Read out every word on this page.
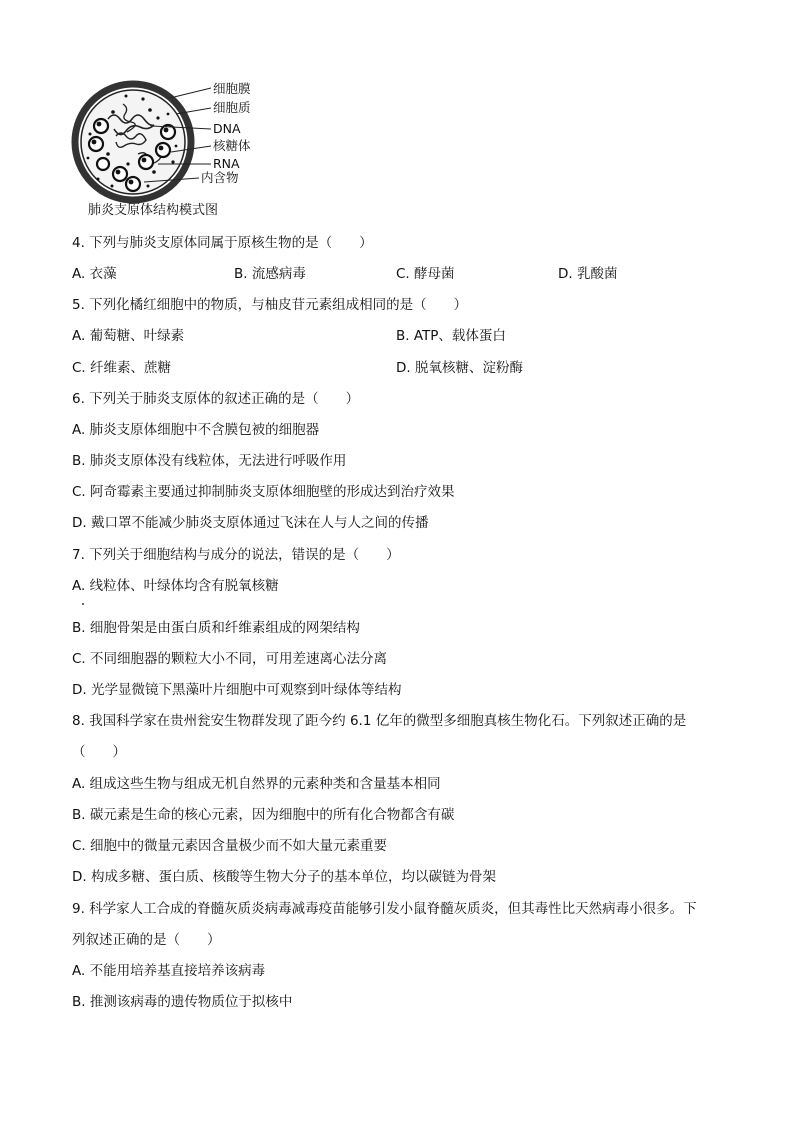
细胞膜
细胞质
DNA
核糖体
RNA
内含物
肺炎支原体结构模式图
4. 下列与肺炎支原体同属于原核生物的是（　　）
A. 衣藻	B. 流感病毒	C. 酵母菌	D. 乳酸菌
5. 下列化橘红细胞中的物质，与柚皮苷元素组成相同的是（　　）
A. 葡萄糖、叶绿素	B. ATP、载体蛋白
C. 纤维素、蔗糖	D. 脱氧核糖、淀粉酶
6. 下列关于肺炎支原体的叙述正确的是（　　）
A. 肺炎支原体细胞中不含膜包被的细胞器
B. 肺炎支原体没有线粒体，无法进行呼吸作用
C. 阿奇霉素主要通过抑制肺炎支原体细胞壁的形成达到治疗效果
D. 戴口罩不能减少肺炎支原体通过飞沫在人与人之间的传播
7. 下列关于细胞结构与成分的说法，错误的是（　　）
A. 线粒体、叶绿体均含有脱氧核糖
B. 细胞骨架是由蛋白质和纤维素组成的网架结构
C. 不同细胞器的颗粒大小不同，可用差速离心法分离
D. 光学显微镜下黑藻叶片细胞中可观察到叶绿体等结构
8. 我国科学家在贵州瓮安生物群发现了距今约 6.1 亿年的微型多细胞真核生物化石。下列叙述正确的是
（　　）
A. 组成这些生物与组成无机自然界的元素种类和含量基本相同
B. 碳元素是生命的核心元素，因为细胞中的所有化合物都含有碳
C. 细胞中的微量元素因含量极少而不如大量元素重要
D. 构成多糖、蛋白质、核酸等生物大分子的基本单位，均以碳链为骨架
9. 科学家人工合成的脊髓灰质炎病毒减毒疫苗能够引发小鼠脊髓灰质炎，但其毒性比天然病毒小很多。下
列叙述正确的是（　　）
A. 不能用培养基直接培养该病毒
B. 推测该病毒的遗传物质位于拟核中
